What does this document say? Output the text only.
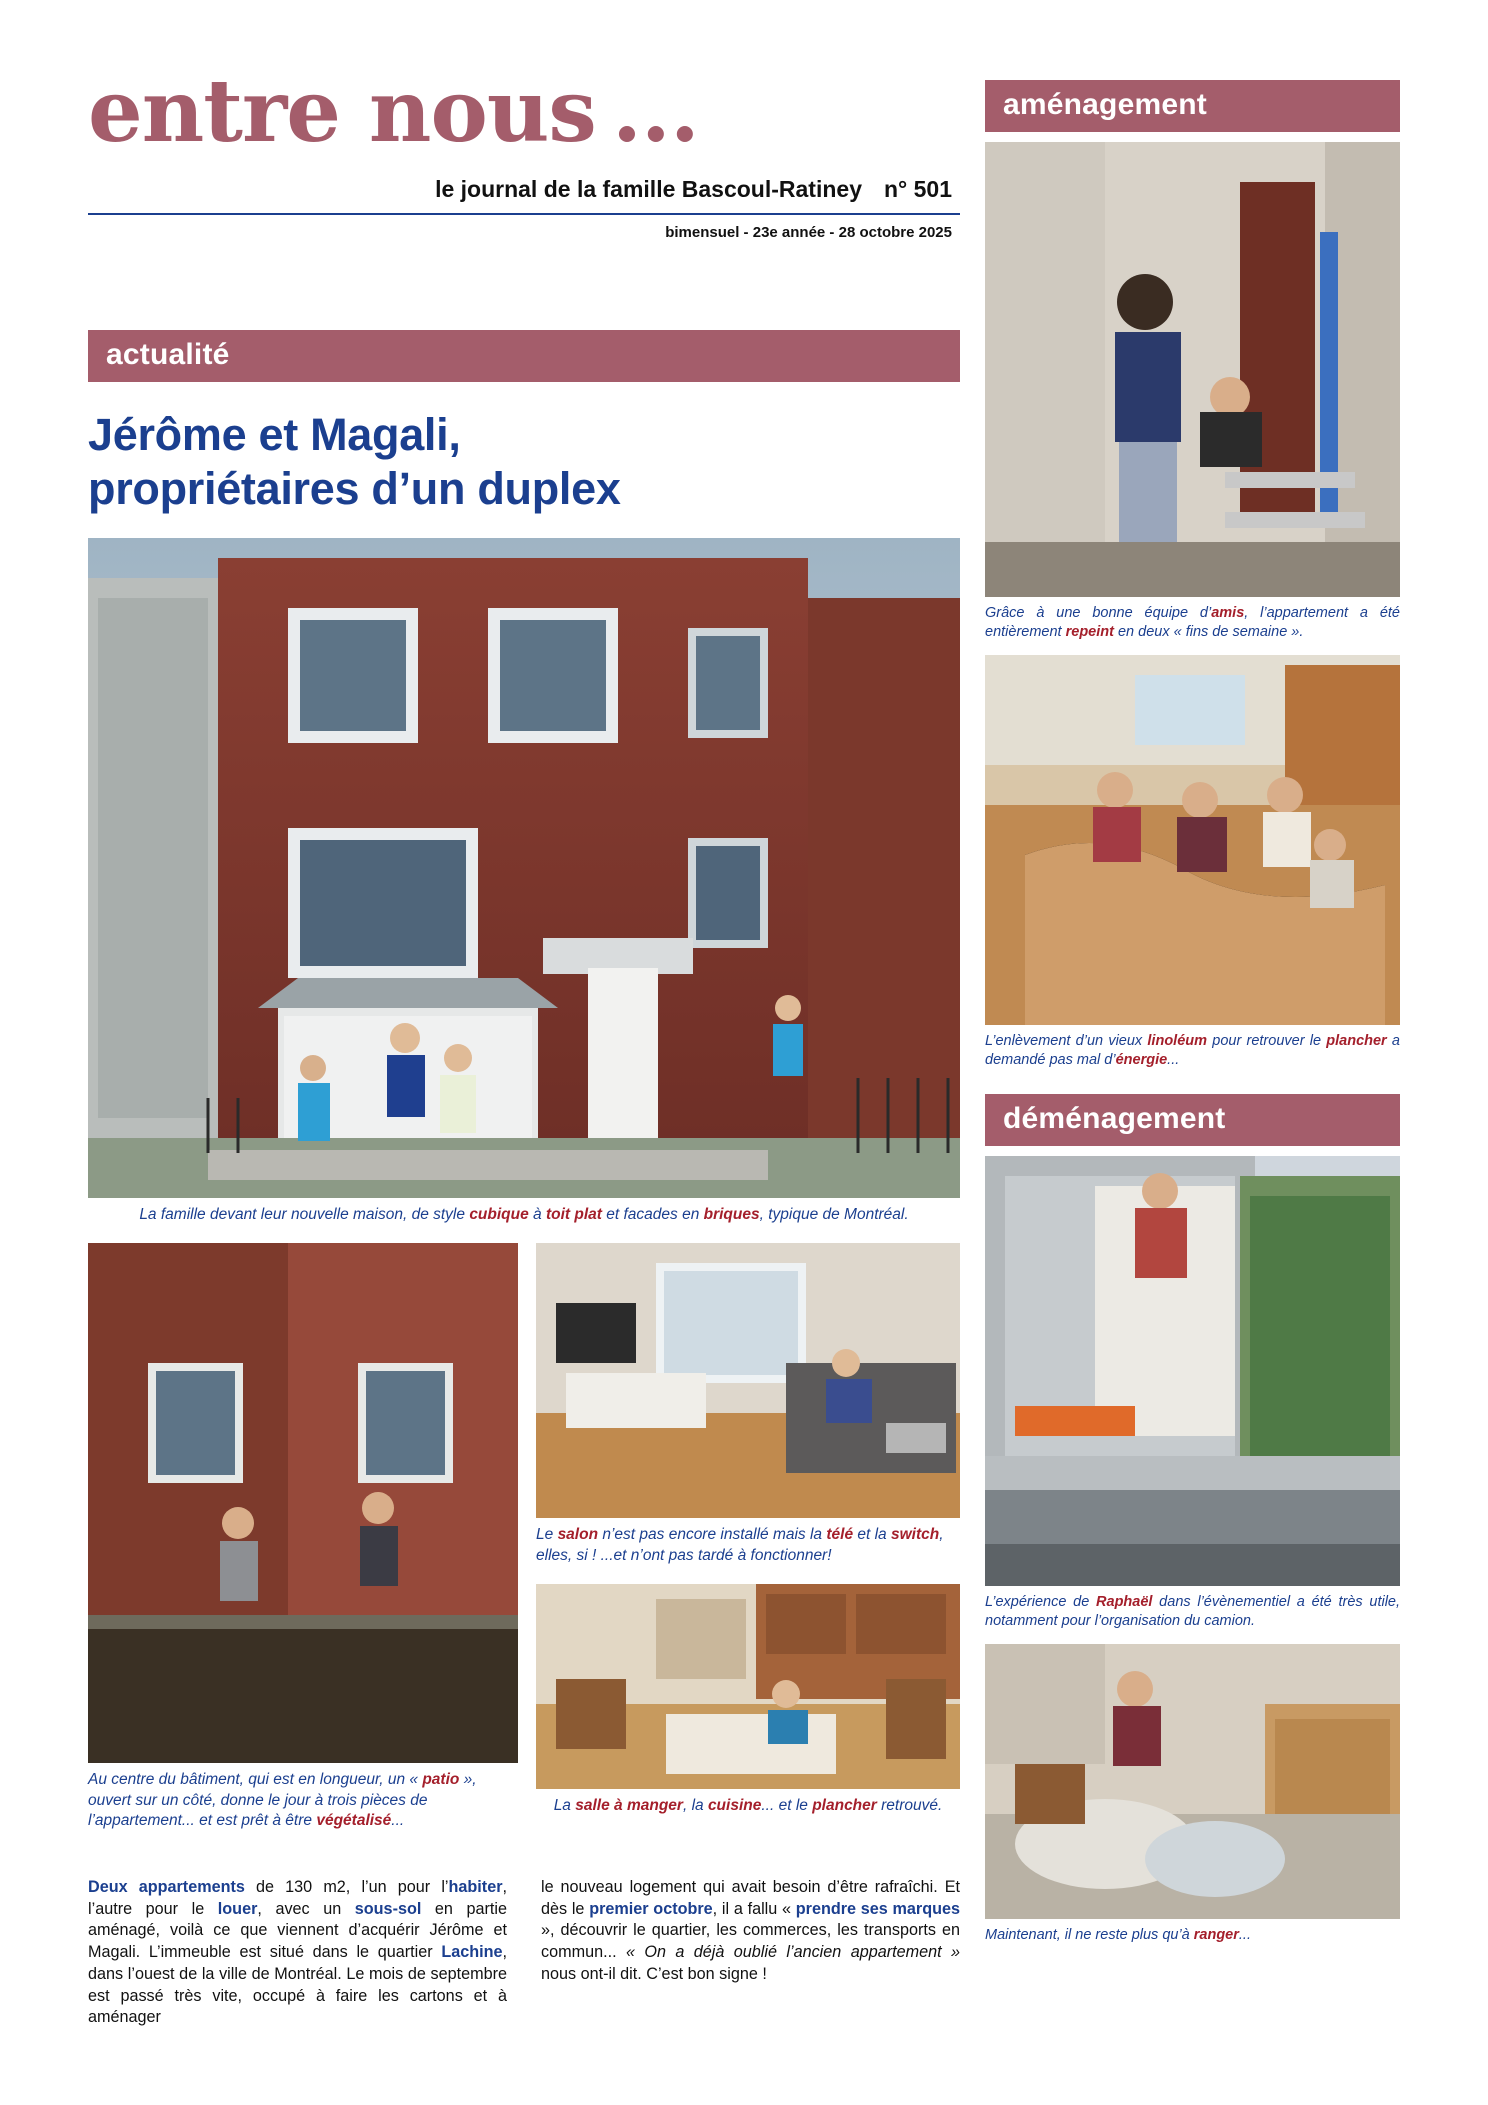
entre nous ...
le journal de la famille Bascoul-Ratiney n° 501
bimensuel - 23e année - 28 octobre 2025
actualité
Jérôme et Magali,
propriétaires d’un duplex
La famille devant leur nouvelle maison, de style cubique à toit plat et facades en briques, typique de Montréal.
Au centre du bâtiment, qui est en longueur, un « patio », ouvert sur un côté, donne le jour à trois pièces de l’appartement... et est prêt à être végétalisé...
Le salon n’est pas encore installé mais la télé et la switch, elles, si ! ...et n’ont pas tardé à fonctionner!
La salle à manger, la cuisine... et le plancher retrouvé.
Deux appartements de 130 m2, l’un pour l’habiter, l’autre pour le louer, avec un sous-sol en partie aménagé, voilà ce que viennent d’acquérir Jérôme et Magali. L’immeuble est situé dans le quartier Lachine, dans l’ouest de la ville de Montréal. Le mois de septembre est passé très vite, occupé à faire les cartons et à aménager
le nouveau logement qui avait besoin d’être rafraîchi. Et dès le premier octobre, il a fallu « prendre ses marques », découvrir le quartier, les commerces, les transports en commun... « On a déjà oublié l’ancien appartement » nous ont-il dit. C’est bon signe !
aménagement
Grâce à une bonne équipe d’amis, l’appartement a été entièrement repeint en deux « fins de semaine ».
L’enlèvement d’un vieux linoléum pour retrouver le plancher a demandé pas mal d’énergie...
déménagement
L’expérience de Raphaël dans l’évènementiel a été très utile, notamment pour l’organisation du camion.
Maintenant, il ne reste plus qu’à ranger...
